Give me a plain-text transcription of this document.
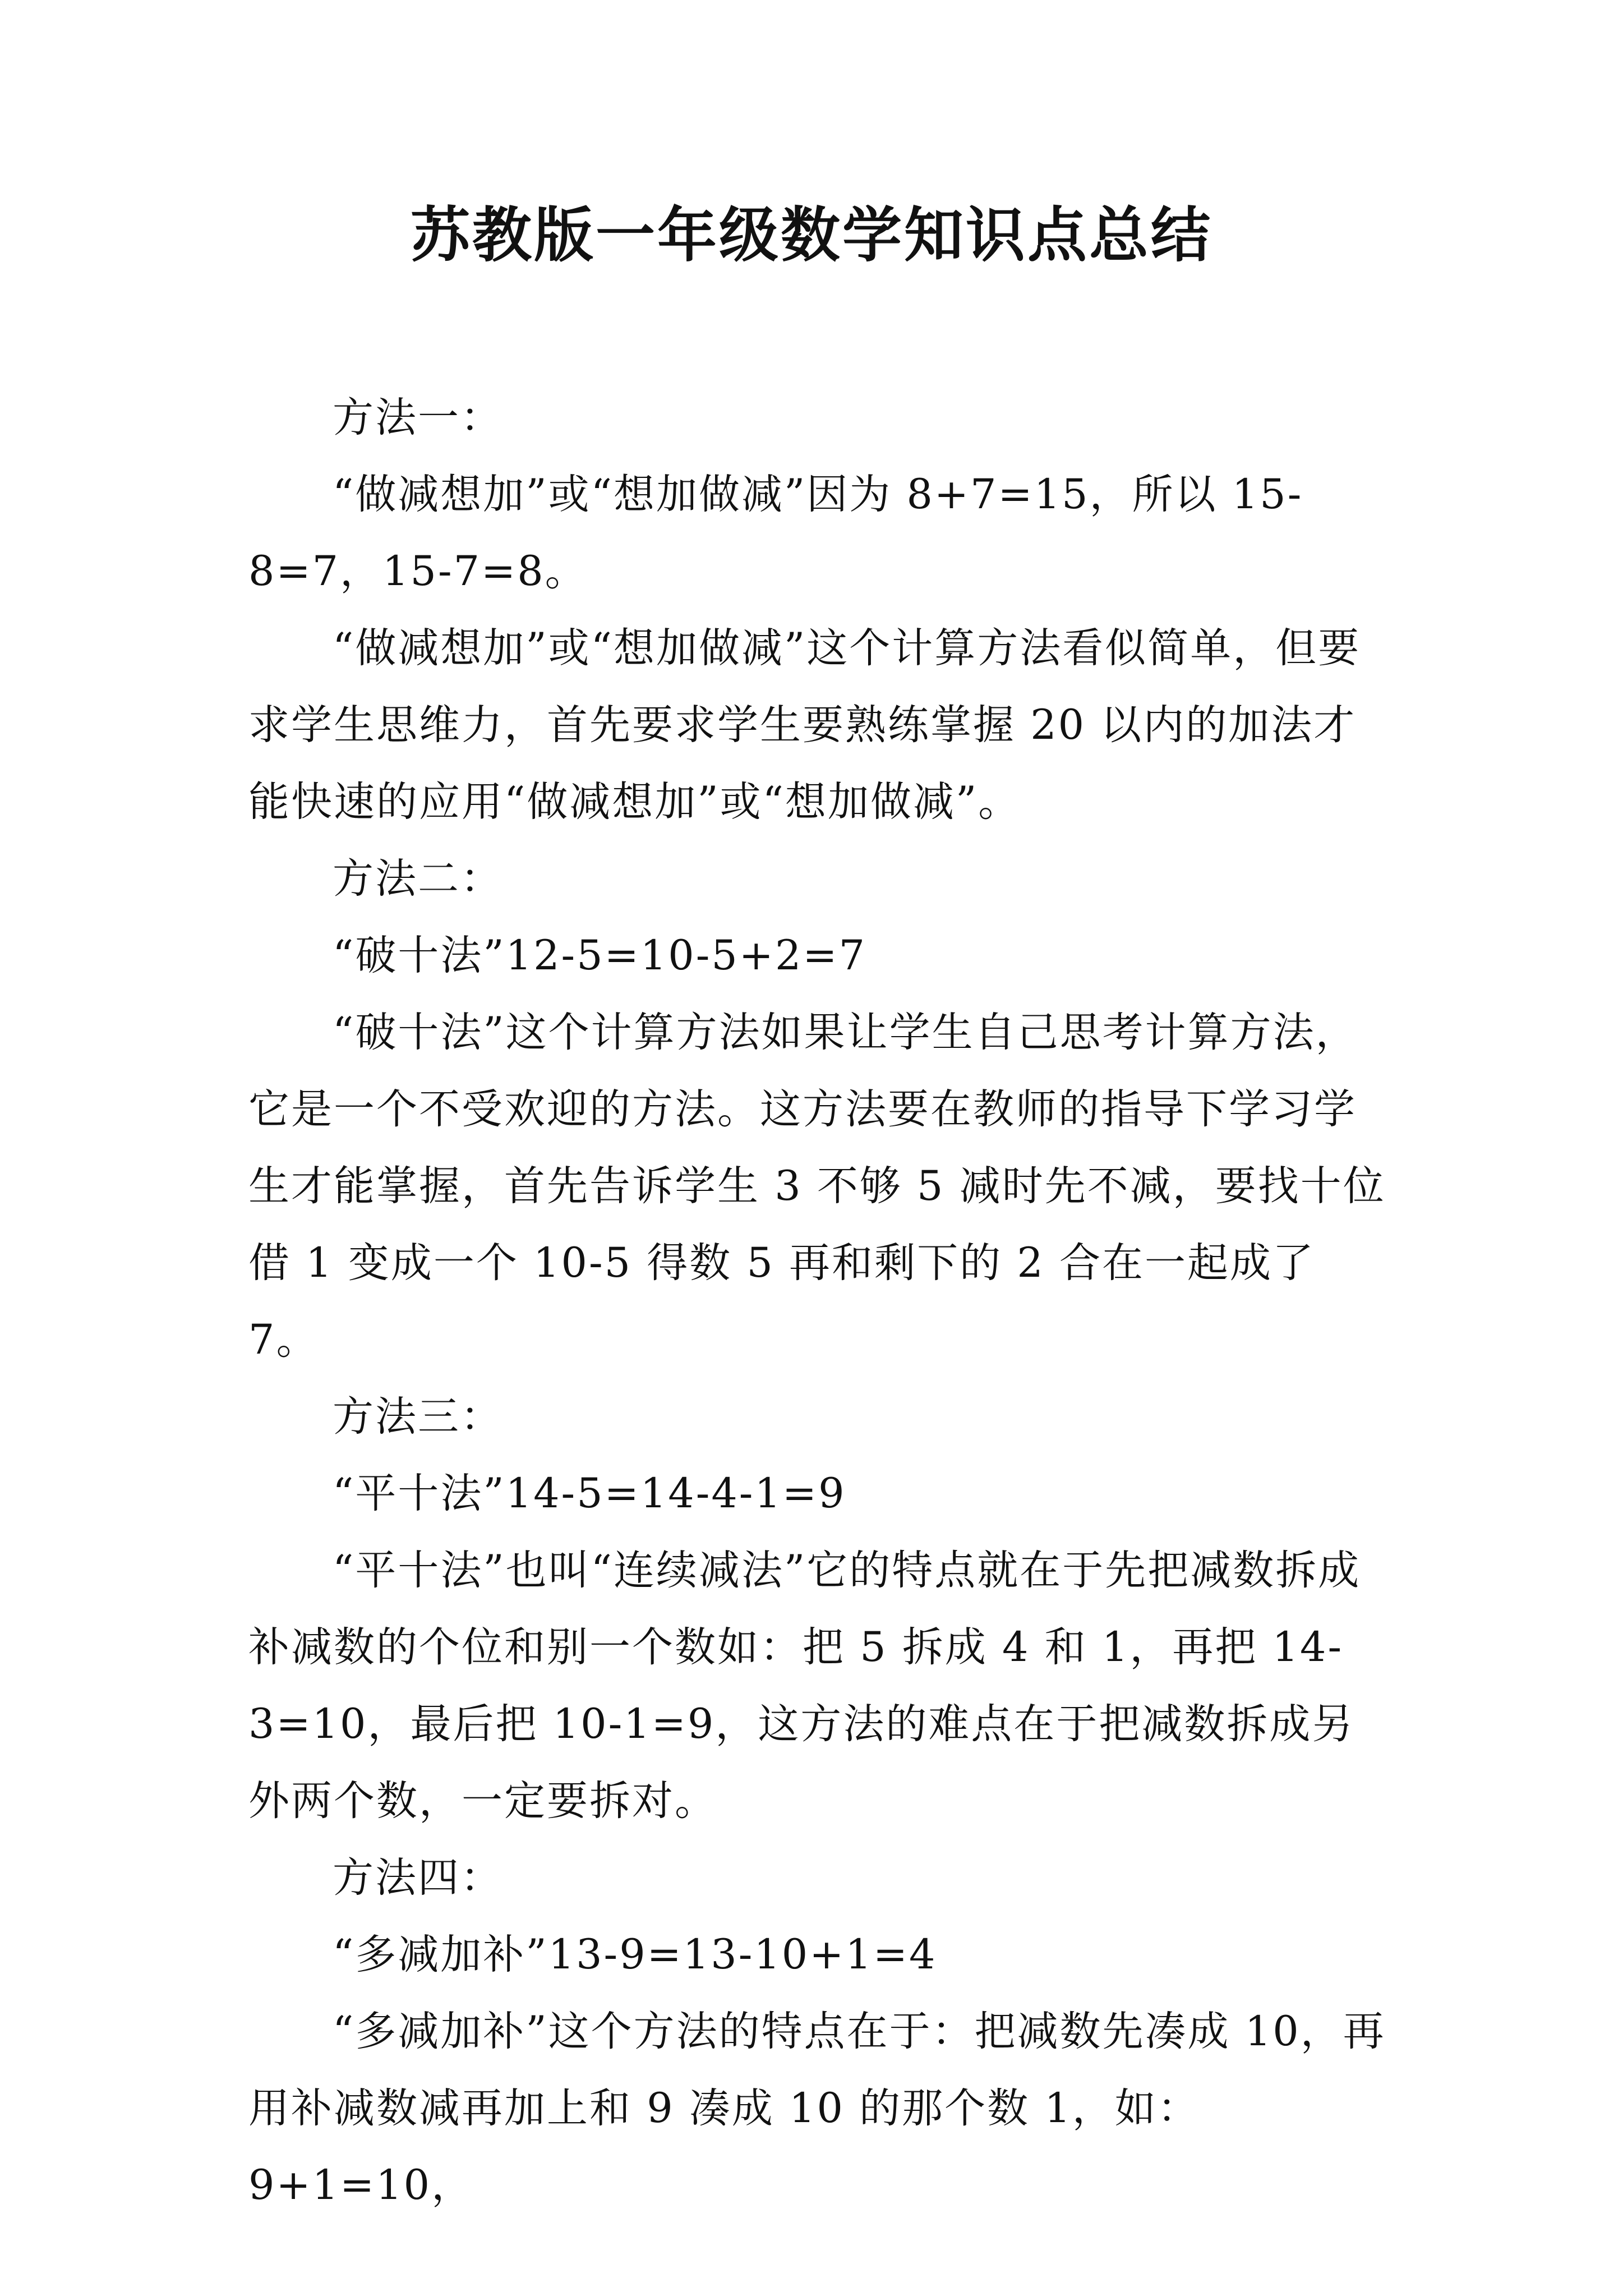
苏教版一年级数学知识点总结

方法一：

“做减想加”或“想加做减”因为 8+7=15，所以 15-8=7，15-7=8。

“做减想加”或“想加做减”这个计算方法看似简单，但要求学生思维力，首先要求学生要熟练掌握 20 以内的加法才能快速的应用“做减想加”或“想加做减”。

方法二：

“破十法”12-5=10-5+2=7

“破十法”这个计算方法如果让学生自己思考计算方法，它是一个不受欢迎的方法。这方法要在教师的指导下学习学生才能掌握，首先告诉学生 3 不够 5 减时先不减，要找十位借 1 变成一个 10-5 得数 5 再和剩下的 2 合在一起成了 7。

方法三：

“平十法”14-5=14-4-1=9

“平十法”也叫“连续减法”它的特点就在于先把减数拆成补减数的个位和别一个数如：把 5 拆成 4 和 1，再把 14-3=10，最后把 10-1=9，这方法的难点在于把减数拆成另外两个数，一定要拆对。

方法四：

“多减加补”13-9=13-10+1=4

“多减加补”这个方法的特点在于：把减数先凑成 10，再用补减数减再加上和 9 凑成 10 的那个数 1，如：9+1=10，
